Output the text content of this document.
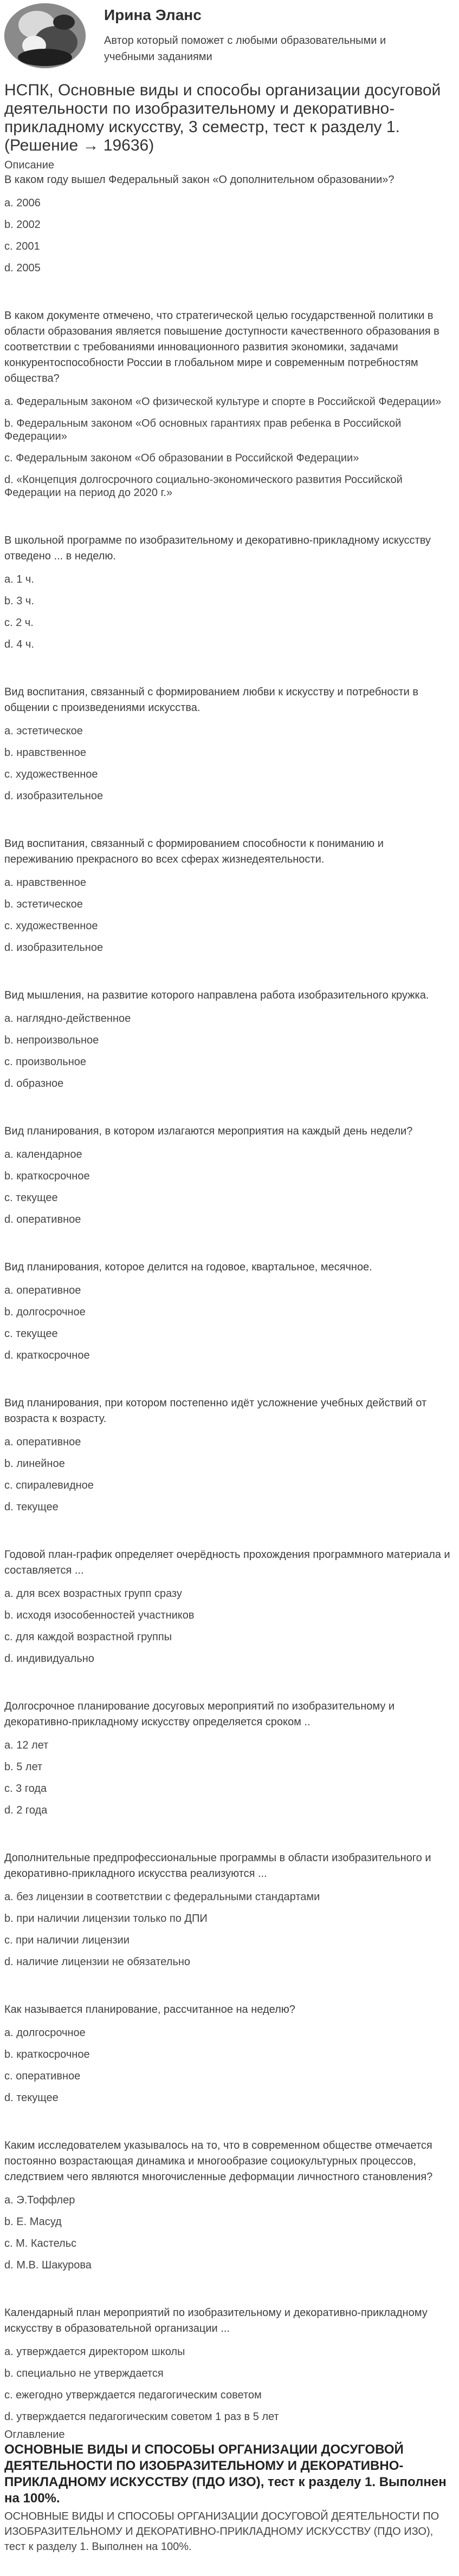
Ирина Эланс
Автор который поможет с любыми образовательными и учебными заданиями
НСПК, Основные виды и способы организации досуговой деятельности по изобразительному и декоративно-прикладному искусству, 3 семестр, тест к разделу 1. (Решение → 19636)
Описание
В каком году вышел Федеральный закон «О дополнительном образовании»?
a. 2006
b. 2002
c. 2001
d. 2005
В каком документе отмечено, что стратегической целью государственной политики в области образования является повышение доступности качественного образования в соответствии с требованиями инновационного развития экономики, задачами конкурентоспособности России в глобальном мире и современным потребностям общества?
a. Федеральным законом «О физической культуре и спорте в Российской Федерации»
b. Федеральным законом «Об основных гарантиях прав ребенка в Российской Федерации»
c. Федеральным законом «Об образовании в Российской Федерации»
d. «Концепция долгосрочного социально-экономического развития Российской Федерации на период до 2020 г.»
В школьной программе по изобразительному и декоративно-прикладному искусству отведено ... в неделю.
a. 1 ч.
b. 3 ч.
c. 2 ч.
d. 4 ч.
Вид воспитания, связанный с формированием любви к искусству и потребности в общении с произведениями искусства.
a. эстетическое
b. нравственное
c. художественное
d. изобразительное
Вид воспитания, связанный с формированием способности к пониманию и переживанию прекрасного во всех сферах жизнедеятельности.
a. нравственное
b. эстетическое
c. художественное
d. изобразительное
Вид мышления, на развитие которого направлена работа изобразительного кружка.
a. наглядно-действенное
b. непроизвольное
c. произвольное
d. образное
Вид планирования, в котором излагаются мероприятия на каждый день недели?
a. календарное
b. краткосрочное
c. текущее
d. оперативное
Вид планирования, которое делится на годовое, квартальное, месячное.
a. оперативное
b. долгосрочное
c. текущее
d. краткосрочное
Вид планирования, при котором постепенно идёт усложнение учебных действий от возраста к возрасту.
a. оперативное
b. линейное
c. спиралевидное
d. текущее
Годовой план-график определяет очерёдность прохождения программного материала и составляется ...
a. для всех возрастных групп сразу
b. исходя изособенностей участников
c. для каждой возрастной группы
d. индивидуально
Долгосрочное планирование досуговых мероприятий по изобразительному и декоративно-прикладному искусству определяется сроком ..
a. 12 лет
b. 5 лет
c. 3 года
d. 2 года
Дополнительные предпрофессиональные программы в области изобразительного и декоративно-прикладного искусства реализуются ...
a. без лицензии в соответствии с федеральными стандартами
b. при наличии лицензии только по ДПИ
c. при наличии лицензии
d. наличие лицензии не обязательно
Как называется планирование, рассчитанное на неделю?
a. долгосрочное
b. краткосрочное
c. оперативное
d. текущее
Каким исследователем указывалось на то, что в современном обществе отмечается постоянно возрастающая динамика и многообразие социокультурных процессов, следствием чего являются многочисленные деформации личностного становления?
a. Э.Тоффлер
b. Е. Масуд
c. М. Кастельс
d. М.В. Шакурова
Календарный план мероприятий по изобразительному и декоративно-прикладному искусству в образовательной организации ...
a. утверждается директором школы
b. специально не утверждается
c. ежегодно утверждается педагогическим советом
d. утверждается педагогическим советом 1 раз в 5 лет
Оглавление
ОСНОВНЫЕ ВИДЫ И СПОСОБЫ ОРГАНИЗАЦИИ ДОСУГОВОЙ ДЕЯТЕЛЬНОСТИ ПО ИЗОБРАЗИТЕЛЬНОМУ И ДЕКОРАТИВНО-ПРИКЛАДНОМУ ИСКУССТВУ (ПДО ИЗО), тест к разделу 1. Выполнен на 100%.
ОСНОВНЫЕ ВИДЫ И СПОСОБЫ ОРГАНИЗАЦИИ ДОСУГОВОЙ ДЕЯТЕЛЬНОСТИ ПО ИЗОБРАЗИТЕЛЬНОМУ И ДЕКОРАТИВНО-ПРИКЛАДНОМУ ИСКУССТВУ (ПДО ИЗО), тест к разделу 1. Выполнен на 100%.
